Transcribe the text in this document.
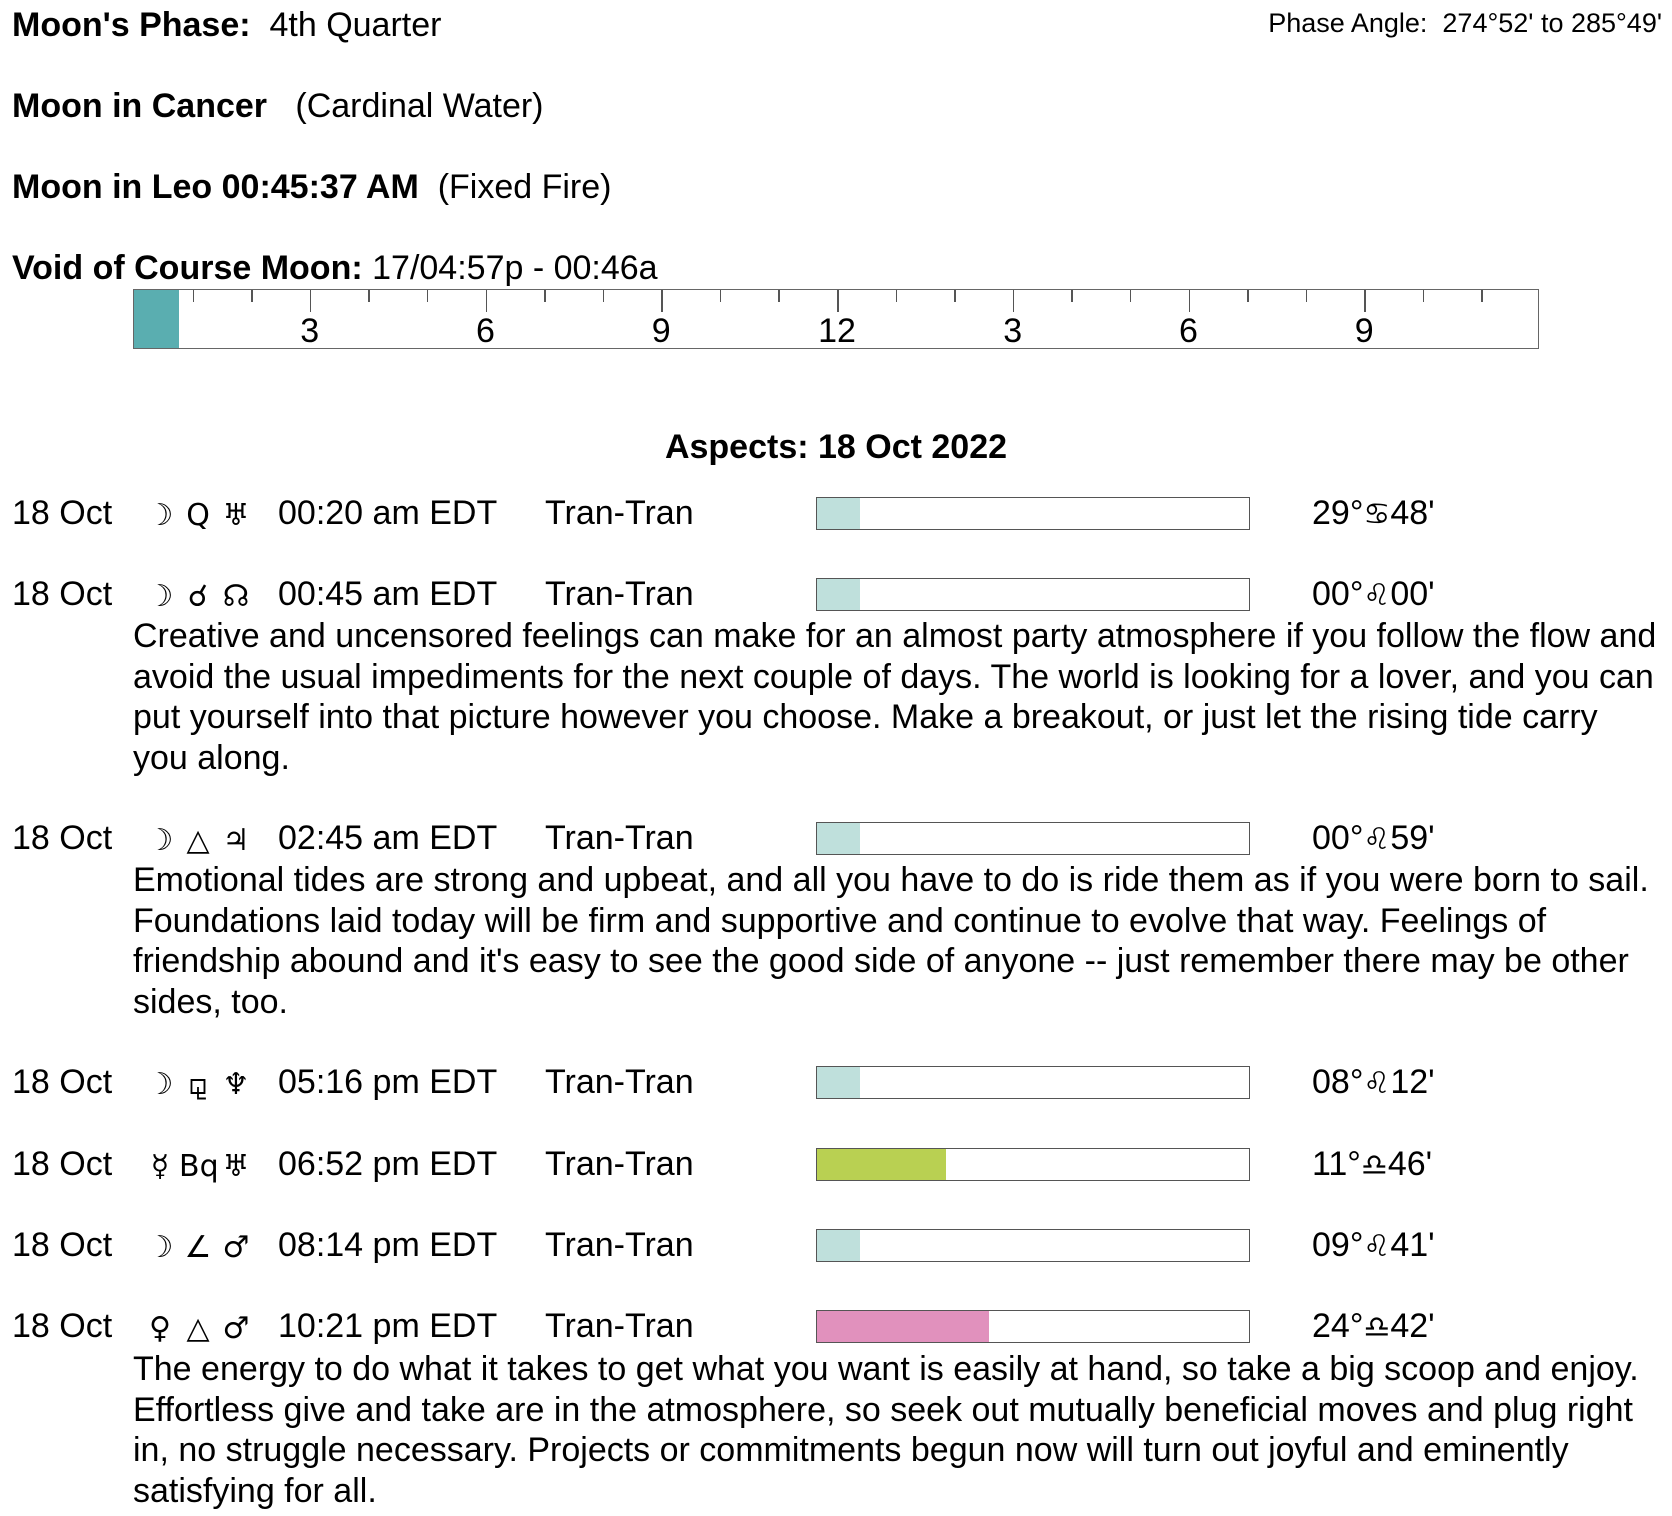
Moon's Phase: 4th Quarter	Phase Angle: 274°52' to 285°49'
Moon in Cancer (Cardinal Water)
Moon in Leo 00:45:37 AM (Fixed Fire)
Void of Course Moon: 17/04:57p - 00:46a
3	6	9	12	3	6	9
Aspects: 18 Oct 2022
18 Oct ☽ Q ♅ 00:20 am EDT Tran-Tran	29°♋48'
18 Oct ☽ ☌ ☊ 00:45 am EDT Tran-Tran	00°♌00'
Creative and uncensored feelings can make for an almost party atmosphere if you follow the flow and avoid the usual impediments for the next couple of days. The world is looking for a lover, and you can put yourself into that picture however you choose. Make a breakout, or just let the rising tide carry you along.
18 Oct ☽ △ ♃ 02:45 am EDT Tran-Tran	00°♌59'
Emotional tides are strong and upbeat, and all you have to do is ride them as if you were born to sail. Foundations laid today will be firm and supportive and continue to evolve that way. Feelings of friendship abound and it's easy to see the good side of anyone -- just remember there may be other sides, too.
18 Oct ☽ ⚼ ♆ 05:16 pm EDT Tran-Tran	08°♌12'
18 Oct	☿ Bq ♅ 06:52 pm EDT Tran-Tran	11°♎46'
18 Oct ☽ ∠ ♂ 08:14 pm EDT Tran-Tran	09°♌41'
18 Oct ♀ △ ♂ 10:21 pm EDT Tran-Tran	24°♎42'
The energy to do what it takes to get what you want is easily at hand, so take a big scoop and enjoy. Effortless give and take are in the atmosphere, so seek out mutually beneficial moves and plug right in, no struggle necessary. Projects or commitments begun now will turn out joyful and eminently satisfying for all.
